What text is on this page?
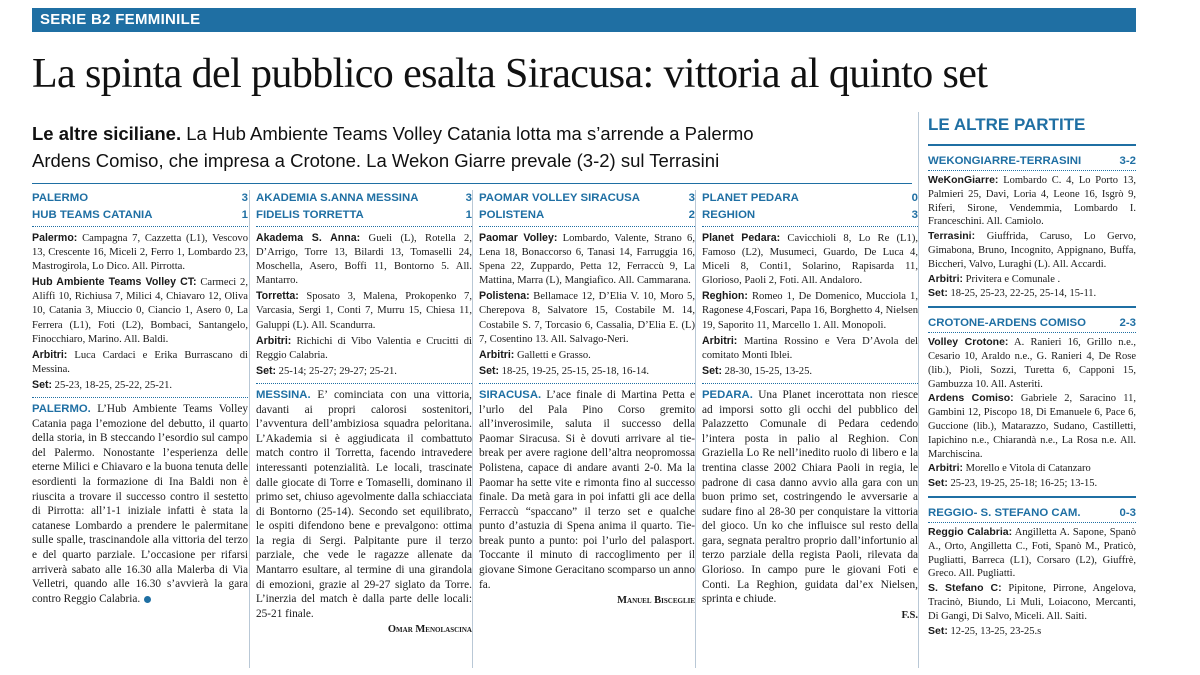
SERIE B2 FEMMINILE
La spinta del pubblico esalta Siracusa: vittoria al quinto set
Le altre siciliane. La Hub Ambiente Teams Volley Catania lotta ma s’arrende a Palermo
Ardens Comiso, che impresa a Crotone. La Wekon Giarre prevale (3-2) sul Terrasini
PALERMO	3
HUB TEAMS CATANIA	1
Palermo: Campagna 7, Cazzetta (L1), Vescovo 13, Crescente 16, Miceli 2, Ferro 1, Lombardo 23, Mastrogirola, Lo Dico. All. Pirrotta.
Hub Ambiente Teams Volley CT: Carmeci 2, Aliffi 10, Richiusa 7, Milici 4, Chiavaro 12, Oliva 10, Catania 3, Miuccio 0, Ciancio 1, Asero 0, La Ferrera (L1), Foti (L2), Bombaci, Santangelo, Finocchiaro, Marino. All. Baldi.
Arbitri: Luca Cardaci e Erika Burrascano di Messina.
Set: 25-23, 18-25, 25-22, 25-21.
PALERMO. L’Hub Ambiente Teams Volley Catania paga l’emozione del debutto, il quarto della storia, in B steccando l’esordio sul campo del Palermo. Nonostante l’esperienza delle eterne Milici e Chiavaro e la buona tenuta delle esordienti la formazione di Ina Baldi non è riuscita a trovare il successo contro il sestetto di Pirrotta: all’1-1 iniziale infatti è stata la catanese Lombardo a prendere le palermitane sulle spalle, trascinandole alla vittoria del terzo e del quarto parziale. L’occasione per rifarsi arriverà sabato alle 16.30 alla Malerba di Via Velletri, quando alle 16.30 s’avvierà la gara contro Reggio Calabria.
AKADEMIA S.ANNA MESSINA	3
FIDELIS TORRETTA	1
Akadema S. Anna: Gueli (L), Rotella 2, D’Arrigo, Torre 13, Bilardi 13, Tomaselli 24, Moschella, Asero, Boffi 11, Bontorno 5. All. Mantarro.
Torretta: Sposato 3, Malena, Prokopenko 7, Varcasia, Sergi 1, Conti 7, Murru 15, Chiesa 11, Galuppi (L). All. Scandurra.
Arbitri: Richichi di Vibo Valentia e Crucitti di Reggio Calabria.
Set: 25-14; 25-27; 29-27; 25-21.
MESSINA. E’ cominciata con una vittoria, davanti ai propri calorosi sostenitori, l’avventura dell’ambiziosa squadra peloritana. L’Akademia si è aggiudicata il combattuto match contro il Torretta, facendo intravedere interessanti potenzialità. Le locali, trascinate dalle giocate di Torre e Tomaselli, dominano il primo set, chiuso agevolmente dalla schiacciata di Bontorno (25-14). Secondo set equilibrato, le ospiti difendono bene e prevalgono: ottima la regia di Sergi. Palpitante pure il terzo parziale, che vede le ragazze allenate da Mantarro esultare, al termine di una girandola di emozioni, grazie al 29-27 siglato da Torre. L’inerzia del match è dalla parte delle locali: 25-21 finale.
Omar Menolascina
PAOMAR VOLLEY SIRACUSA	3
POLISTENA	2
Paomar Volley: Lombardo, Valente, Strano 6, Lena 18, Bonaccorso 6, Tanasi 14, Farruggia 16, Spena 22, Zuppardo, Petta 12, Ferraccù 9, La Mattina, Marra (L), Mangiafico. All. Cammarana.
Polistena: Bellamace 12, D’Elia V. 10, Moro 5, Cherepova 8, Salvatore 15, Costabile M. 14, Costabile S. 7, Torcasio 6, Cassalia, D’Elia E. (L) 7, Cosentino 13. All. Salvago-Neri.
Arbitri: Galletti e Grasso.
Set: 18-25, 19-25, 25-15, 25-18, 16-14.
SIRACUSA. L’ace finale di Martina Petta e l’urlo del Pala Pino Corso gremito all’inverosimile, saluta il successo della Paomar Siracusa. Si è dovuti arrivare al tie-break per avere ragione dell’altra neopromossa Polistena, capace di andare avanti 2-0. Ma la Paomar ha sette vite e rimonta fino al successo finale. Da metà gara in poi infatti gli ace della Ferraccù “spaccano” il terzo set e qualche punto d’astuzia di Spena anima il quarto. Tie-break punto a punto: poi l’urlo del palasport. Toccante il minuto di raccoglimento per il giovane Simone Geracitano scomparso un anno fa.
Manuel Bisceglie
PLANET PEDARA	0
REGHION	3
Planet Pedara: Cavicchioli 8, Lo Re (L1), Famoso (L2), Musumeci, Guardo, De Luca 4, Miceli 8, Conti1, Solarino, Rapisarda 11, Glorioso, Paoli 2, Foti. All. Andaloro.
Reghion: Romeo 1, De Domenico, Mucciola 1, Ragonese 4,Foscari, Papa 16, Borghetto 4, Nielsen 19, Saporito 11, Marcello 1. All. Monopoli.
Arbitri: Martina Rossino e Vera D’Avola del comitato Monti Iblei.
Set: 28-30, 15-25, 13-25.
PEDARA. Una Planet incerottata non riesce ad imporsi sotto gli occhi del pubblico del Palazzetto Comunale di Pedara cedendo l’intera posta in palio al Reghion. Con Graziella Lo Re nell’inedito ruolo di libero e la trentina classe 2002 Chiara Paoli in regia, le padrone di casa danno avvio alla gara con un buon primo set, costringendo le avversarie a sudare fino al 28-30 per conquistare la vittoria del gioco. Un ko che influisce sul resto della gara, segnata peraltro proprio dall’infortunio al terzo parziale della regista Paoli, rilevata da Glorioso. In campo pure le giovani Foti e Conti. La Reghion, guidata dal’ex Nielsen, sprinta e chiude.
F.S.
LE ALTRE PARTITE
WEKONGIARRE-TERRASINI	3-2
WeKonGiarre: Lombardo C. 4, Lo Porto 13, Palmieri 25, Davi, Loria 4, Leone 16, Isgrò 9, Riferi, Sirone, Vendemmia, Lombardo I. Franceschini. All. Camiolo.
Terrasini: Giuffrida, Caruso, Lo Gervo, Gimabona, Bruno, Incognito, Appignano, Buffa, Biccheri, Valvo, Luraghi (L). All. Accardi.
Arbitri: Privitera e Comunale .
Set: 18-25, 25-23, 22-25, 25-14, 15-11.
CROTONE-ARDENS COMISO	2-3
Volley Crotone: A. Ranieri 16, Grillo n.e., Cesario 10, Araldo n.e., G. Ranieri 4, De Rose (lib.), Pioli, Sozzi, Turetta 6, Capponi 15, Gambuzza 10. All. Asteriti.
Ardens Comiso: Gabriele 2, Saracino 11, Gambini 12, Piscopo 18, Di Emanuele 6, Pace 6, Guccione (lib.), Matarazzo, Sudano, Castilletti, Iapichino n.e., Chiarandà n.e., La Rosa n.e. All. Marchiscina.
Arbitri: Morello e Vitola di Catanzaro
Set: 25-23, 19-25, 25-18; 16-25; 13-15.
REGGIO- S. STEFANO CAM.	0-3
Reggio Calabria: Angilletta A. Sapone, Spanò A., Orto, Angilletta C., Foti, Spanò M., Praticò, Pugliatti, Barreca (L1), Corsaro (L2), Giuffrè, Greco. All. Pugliatti.
S. Stefano C: Pipitone, Pirrone, Angelova, Tracinò, Biundo, Li Muli, Loiacono, Mercanti, Di Gangi, Di Salvo, Miceli. All. Saiti.
Set: 12-25, 13-25, 23-25.s
